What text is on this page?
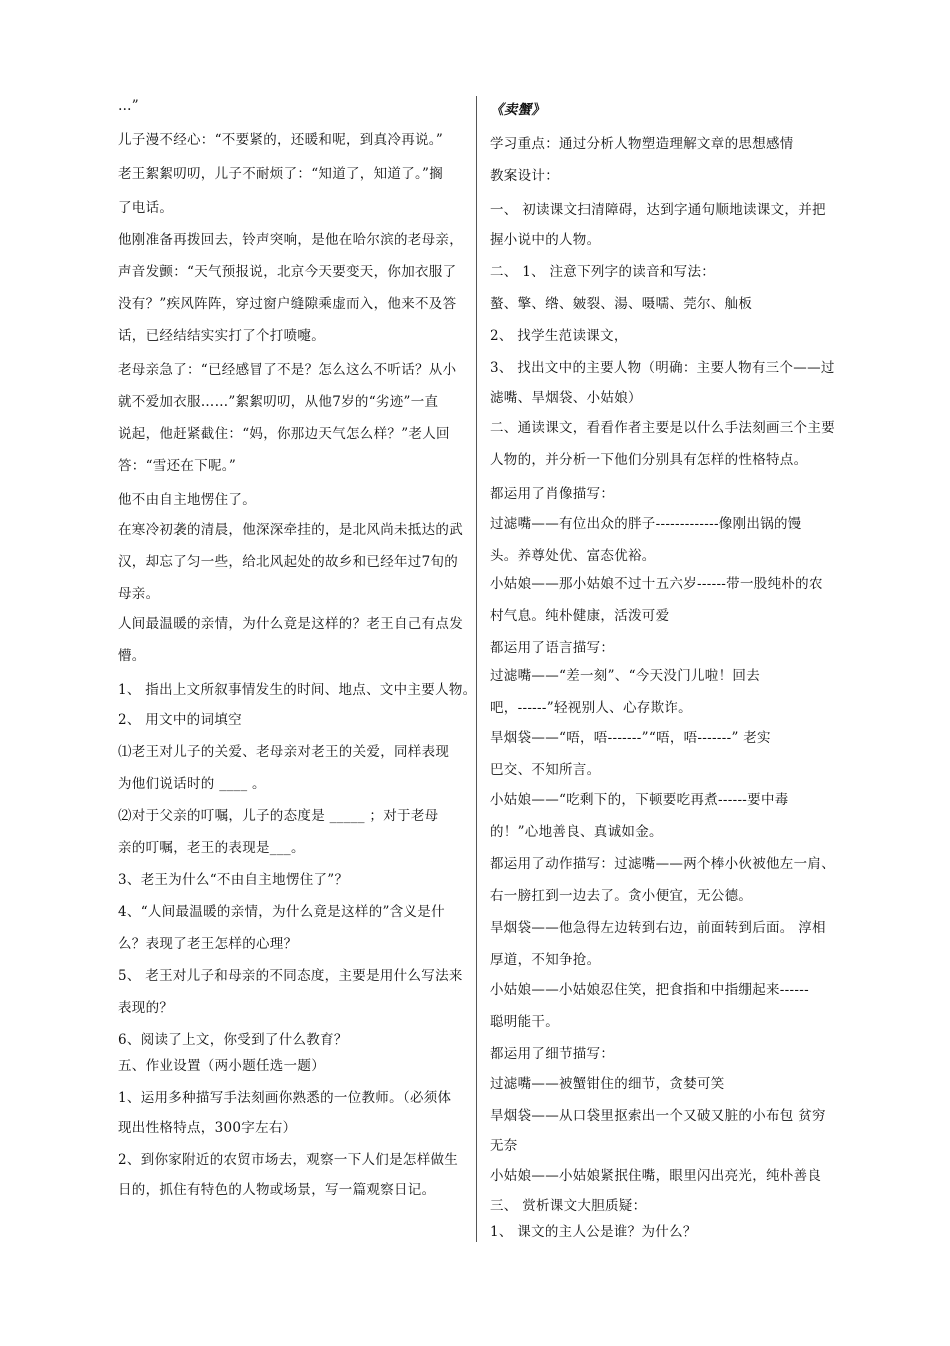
…”

儿子漫不经心：“不要紧的，还暖和呢，到真冷再说。”

老王絮絮叨叨，儿子不耐烦了：“知道了，知道了。”搁

了电话。

他刚准备再拨回去，铃声突响，是他在哈尔滨的老母亲，

声音发颤：“天气预报说，北京今天要变天，你加衣服了

没有？”疾风阵阵，穿过窗户缝隙乘虚而入，他来不及答

话，已经结结实实打了个打喷嚏。

老母亲急了：“已经感冒了不是？怎么这么不听话？从小

就不爱加衣服……”絮絮叨叨，从他7岁的“劣迹”一直

说起，他赶紧截住：“妈，你那边天气怎么样？”老人回

答：“雪还在下呢。”

他不由自主地愣住了。

在寒冷初袭的清晨，他深深牵挂的，是北风尚未抵达的武

汉，却忘了匀一些，给北风起处的故乡和已经年过7旬的

母亲。

人间最温暖的亲情，为什么竟是这样的？老王自己有点发

懵。

1、 指出上文所叙事情发生的时间、地点、文中主要人物。

2、 用文中的词填空

⑴老王对儿子的关爱、老母亲对老王的关爱，同样表现

为他们说话时的 ____ 。

⑵对于父亲的叮嘱，儿子的态度是 _____ ；对于老母

亲的叮嘱，老王的表现是___。

3、老王为什么“不由自主地愣住了”？

4、“人间最温暖的亲情，为什么竟是这样的”含义是什

么？表现了老王怎样的心理？

5、 老王对儿子和母亲的不同态度，主要是用什么写法来

表现的？

6、阅读了上文，你受到了什么教育？

五、作业设置（两小题任选一题）

1、运用多种描写手法刻画你熟悉的一位教师。（必须体

现出性格特点，300字左右）

2、到你家附近的农贸市场去，观察一下人们是怎样做生

日的，抓住有特色的人物或场景，写一篇观察日记。

《卖蟹》

学习重点：通过分析人物塑造理解文章的思想感情

教案设计：

一、 初读课文扫清障碍，达到字通句顺地读课文，并把

握小说中的人物。

二、 1、 注意下列字的读音和写法：

螯、擎、绺、皴裂、湯、嗫嚅、莞尔、舢板

2、 找学生范读课文，

3、 找出文中的主要人物（明确：主要人物有三个——过

滤嘴、旱烟袋、小姑娘）

二、通读课文，看看作者主要是以什么手法刻画三个主要

人物的，并分析一下他们分别具有怎样的性格特点。

都运用了肖像描写：

过滤嘴——有位出众的胖子-------------像刚出锅的馒

头。养尊处优、富态优裕。

小姑娘——那小姑娘不过十五六岁------带一股纯朴的农

村气息。纯朴健康，活泼可爱

都运用了语言描写：

过滤嘴——“差一刻”、“今天没门儿啦！回去

吧，------”轻视别人、心存欺诈。

旱烟袋——“唔，唔-------”“唔，唔-------” 老实

巴交、不知所言。

小姑娘——“吃剩下的，下顿要吃再煮------要中毒

的！”心地善良、真诚如金。

都运用了动作描写：过滤嘴——两个棒小伙被他左一肩、

右一膀扛到一边去了。贪小便宜，无公德。

旱烟袋——他急得左边转到右边，前面转到后面。 淳相

厚道，不知争抢。

小姑娘——小姑娘忍住笑，把食指和中指绷起来------

聪明能干。

都运用了细节描写：

过滤嘴——被蟹钳住的细节，贪婪可笑

旱烟袋——从口袋里抠索出一个又破又脏的小布包 贫穷

无奈

小姑娘——小姑娘紧抿住嘴，眼里闪出亮光，纯朴善良

三、 赏析课文大胆质疑：

1、 课文的主人公是谁？为什么？
